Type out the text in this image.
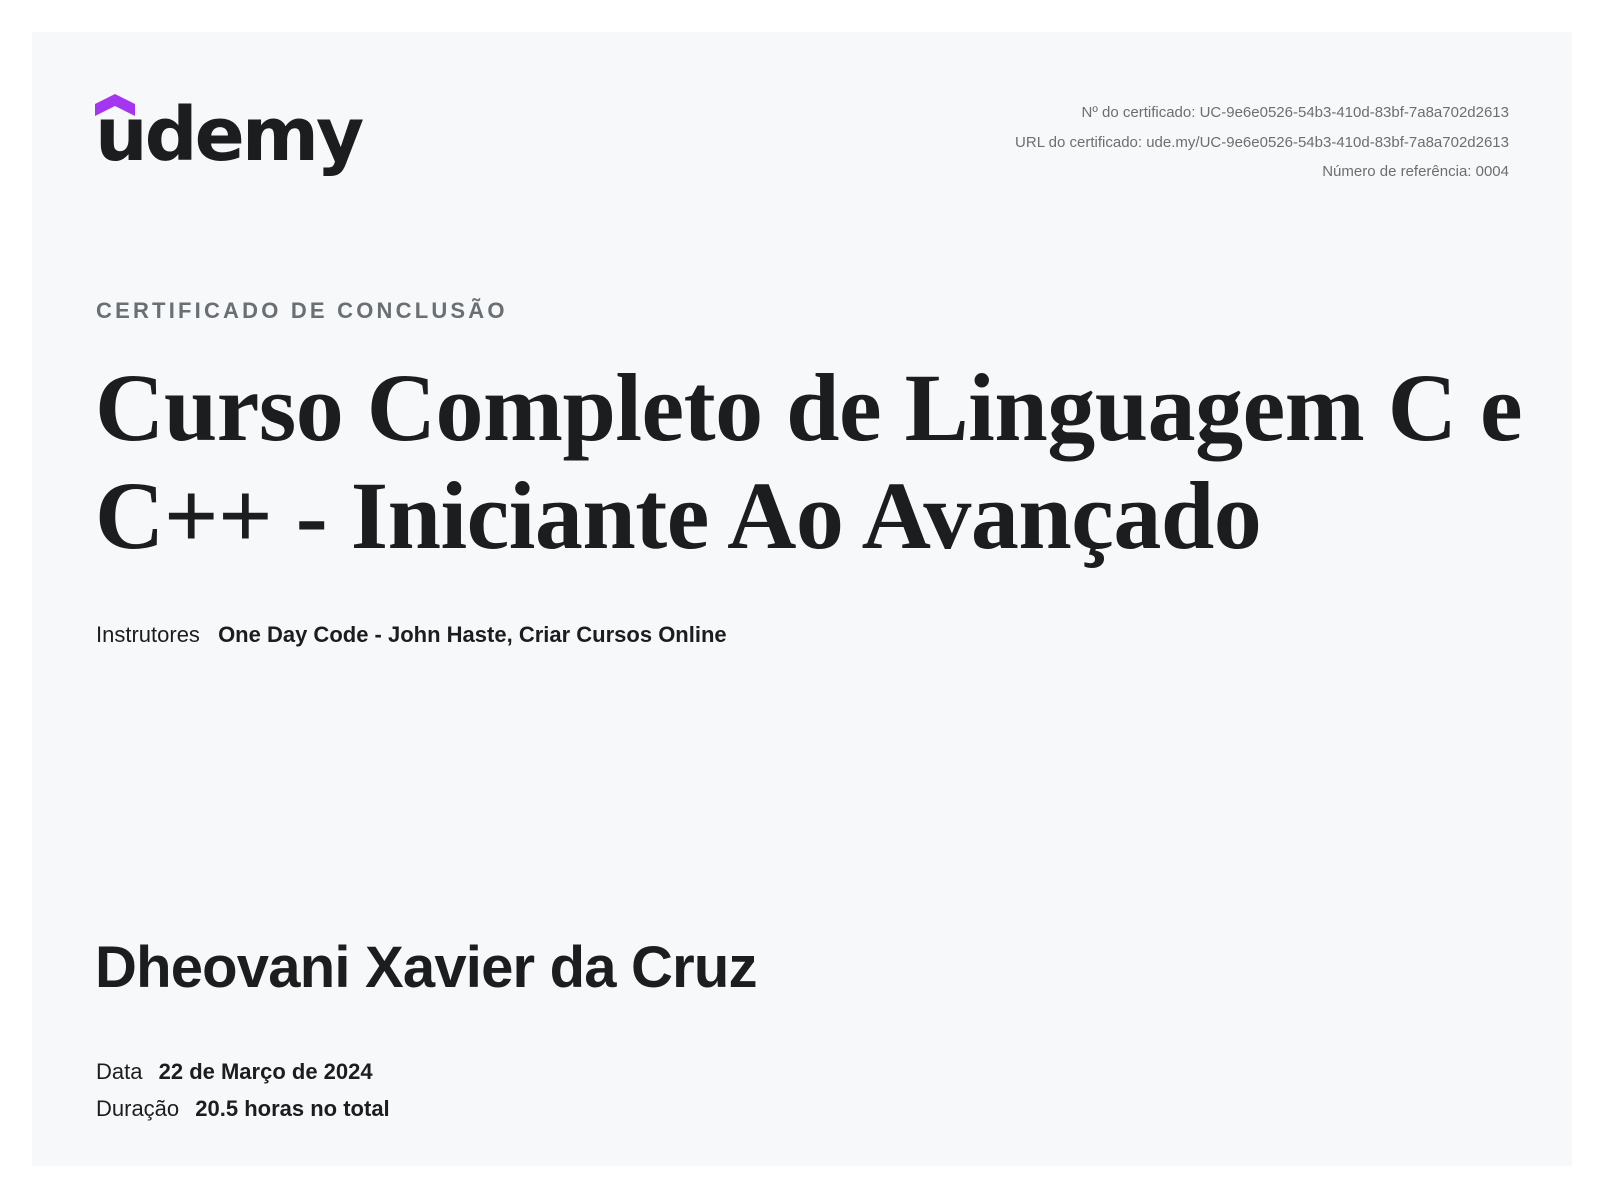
udemy	Nº do certificado: UC-9e6e0526-54b3-410d-83bf-7a8a702d2613
URL do certificado: ude.my/UC-9e6e0526-54b3-410d-83bf-7a8a702d2613
Número de referência: 0004
CERTIFICADO DE CONCLUSÃO
Curso Completo de Linguagem C e C++ - Iniciante Ao Avançado
Instrutores One Day Code - John Haste, Criar Cursos Online
Dheovani Xavier da Cruz
Data 22 de Março de 2024
Duração 20.5 horas no total
